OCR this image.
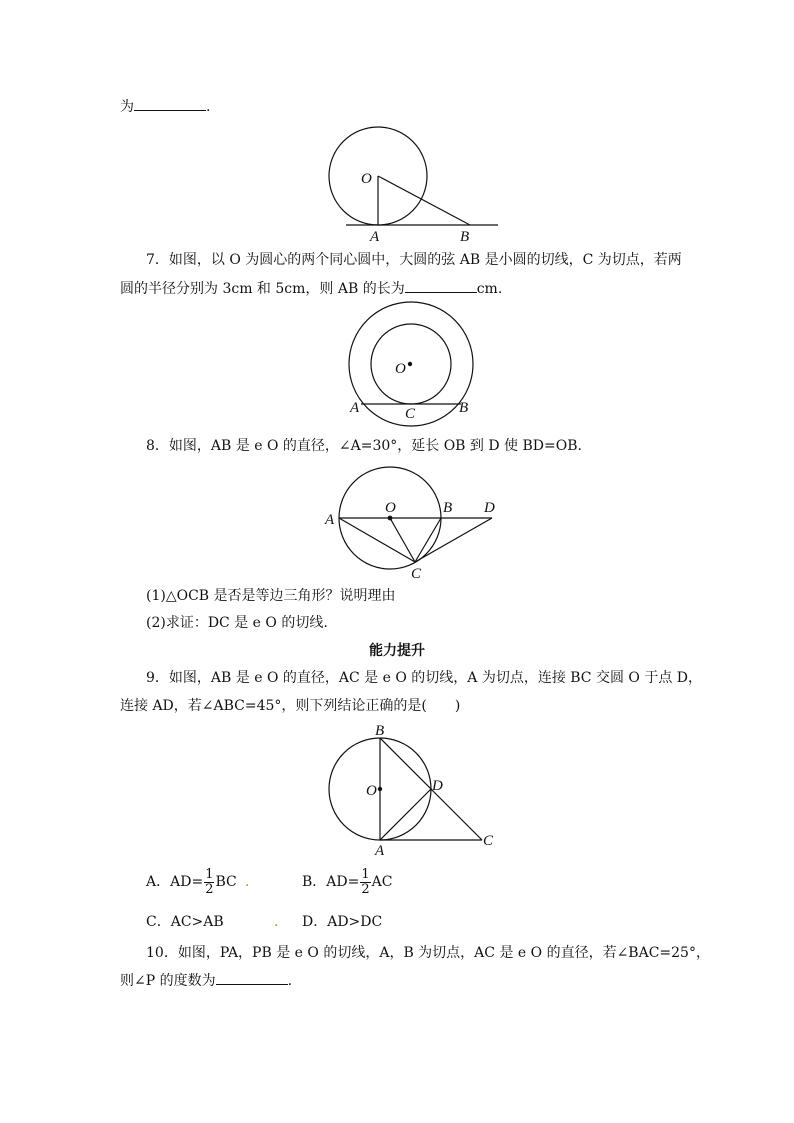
为	.
O
A	B
7．如图，以 O 为圆心的两个同心圆中，大圆的弦 AB 是小圆的切线，C 为切点，若两
圆的半径分别为 3cm 和 5cm，则 AB 的长为	cm.
O
A	C	B
8．如图，AB 是 e O 的直径，∠A=30°，延长 OB 到 D 使 BD=OB.
O
A
B D
C
(1)△OCB 是否是等边三角形？说明理由
(2)求证：DC 是 e O 的切线.
能力提升
9．如图，AB 是 e O 的直径，AC 是 e O 的切线，A 为切点，连接 BC 交圆 O 于点 D，
连接 AD，若∠ABC=45°，则下列结论正确的是(　　)
B
O	D
A
C
A．$AD= \frac{1}{2}$ BC .	B．$AD= \frac{1}{2}$ AC
C．AC>AB	. D．AD>DC
10．如图，PA，PB 是 e O 的切线，A，B 为切点，AC 是 e O 的直径，若∠BAC=25°，
则∠P 的度数为	.
